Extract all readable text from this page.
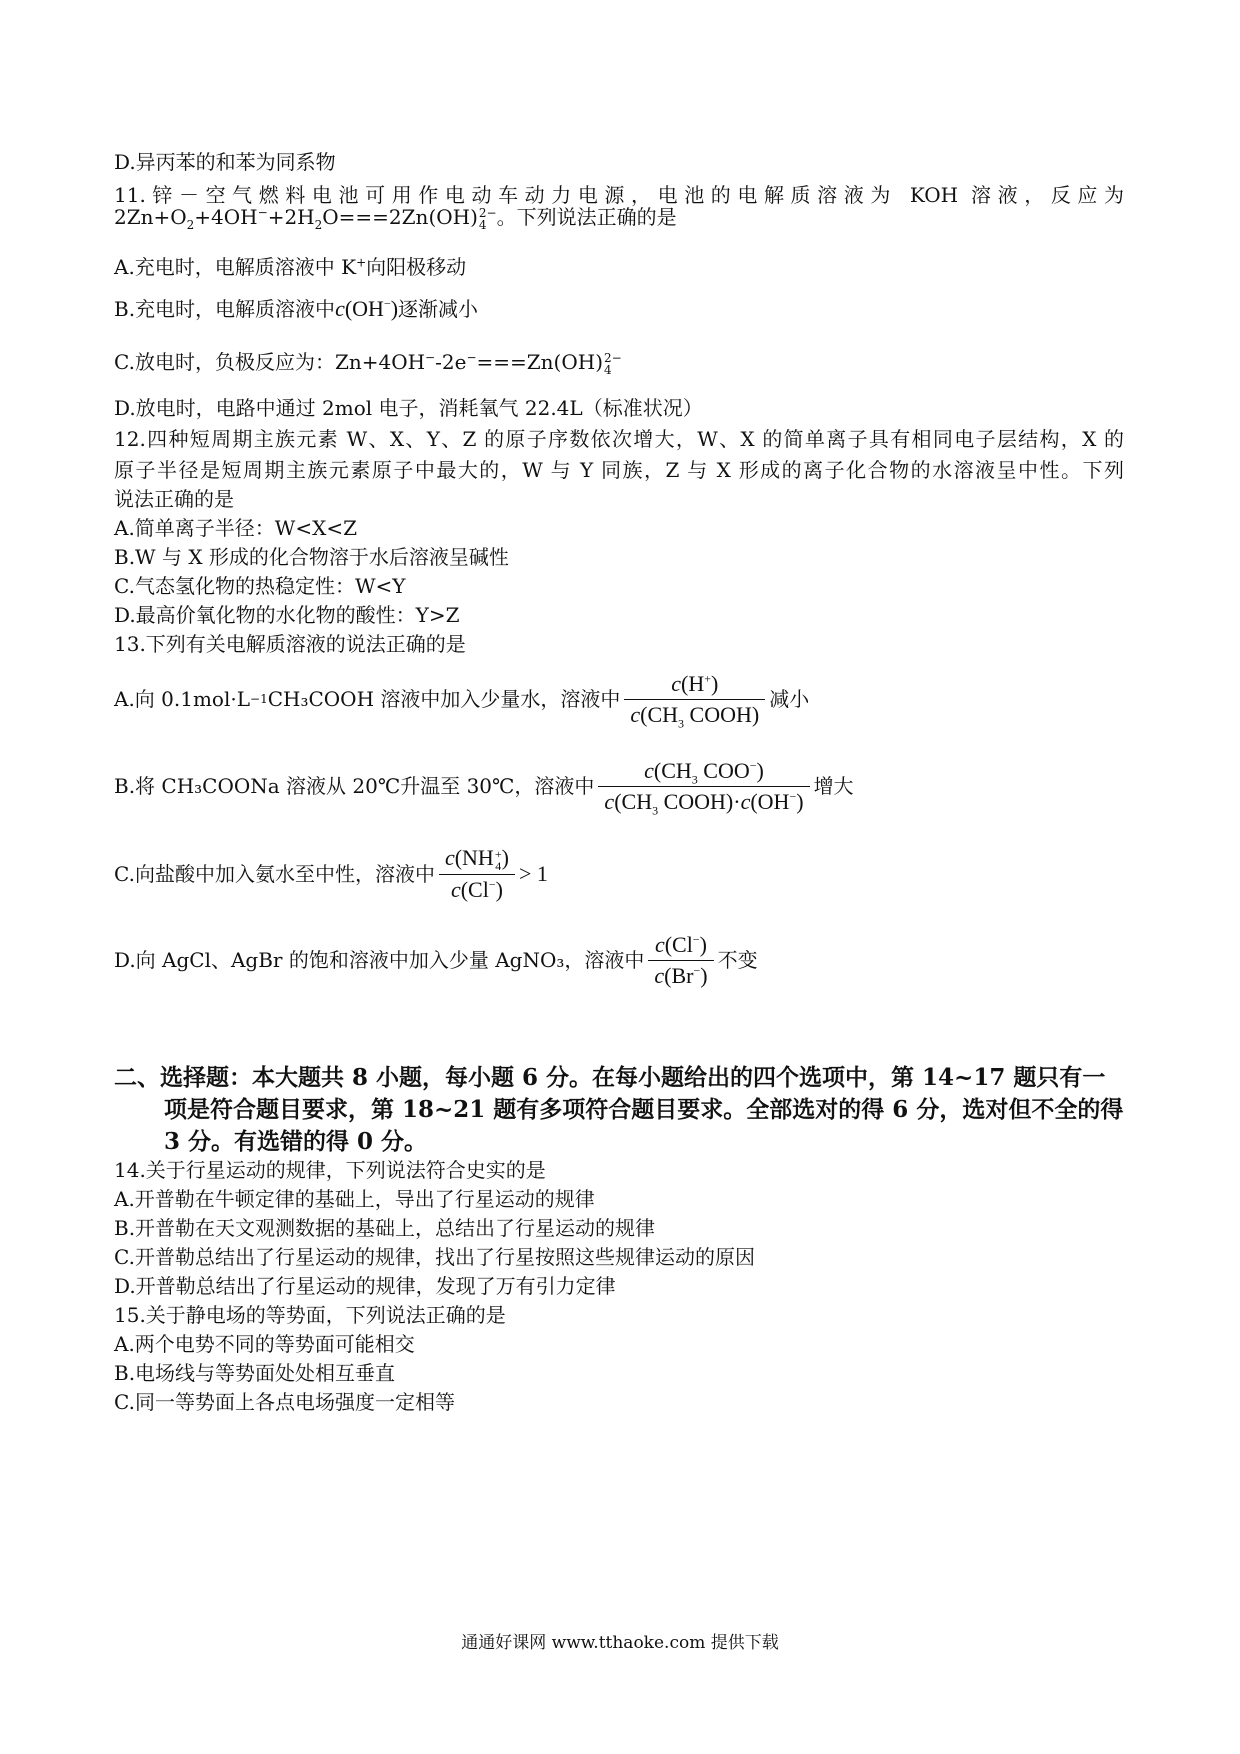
D.异丙苯的和苯为同系物
11.锌－空气燃料电池可用作电动车动力电源，电池的电解质溶液为 KOH 溶液，反应为
$2Zn+O_2+4OH^-+2H_2O===2Zn(OH)$ 2−
4 。下列说法正确的是
A.充电时，电解质溶液中 K+向阳极移动
B.充电时，电解质溶液中c(OH−)逐渐减小
C.放电时，负极反应为：Zn+4OH−-2e−===Zn(OH) 2−
4
D.放电时，电路中通过 2mol 电子，消耗氧气 22.4L（标准状况）
12.四种短周期主族元素 W、X、Y、Z 的原子序数依次增大，W、X 的简单离子具有相同电子层结构，X 的
原子半径是短周期主族元素原子中最大的，W 与 Y 同族，Z 与 X 形成的离子化合物的水溶液呈中性。下列
说法正确的是
A.简单离子半径：W<X<Z
B.W 与 X 形成的化合物溶于水后溶液呈碱性
C.气态氢化物的热稳定性：W<Y
D.最高价氧化物的水化物的酸性：Y>Z
13.下列有关电解质溶液的说法正确的是
A.向 0.1mol·L −1 CH₃COOH 溶液中加入少量水，溶液中 $\frac{c(H^+)}{c(CH_3 COOH)}$ 减小
B.将 CH₃COONa 溶液从 20℃升温至 30℃，溶液中 $\frac{c(CH_3 COO^-)}{c(CH_3 COOH)\cdot c(OH^-)}$ 增大
C.向盐酸中加入氨水至中性，溶液中 c(NH +
4 )
c(Cl−) > 1
D.向 AgCl、AgBr 的饱和溶液中加入少量 AgNO₃，溶液中 $\frac{c(Cl^-)}{c(Br^-)}$ 不变
二、选择题：本大题共 8 小题，每小题 6 分。在每小题给出的四个选项中，第 14~17 题只有一
项是符合题目要求，第 18~21 题有多项符合题目要求。全部选对的得 6 分，选对但不全的得 3 分。有选错的得 0 分。
14.关于行星运动的规律，下列说法符合史实的是
A.开普勒在牛顿定律的基础上，导出了行星运动的规律
B.开普勒在天文观测数据的基础上，总结出了行星运动的规律
C.开普勒总结出了行星运动的规律，找出了行星按照这些规律运动的原因
D.开普勒总结出了行星运动的规律，发现了万有引力定律
15.关于静电场的等势面，下列说法正确的是
A.两个电势不同的等势面可能相交
B.电场线与等势面处处相互垂直
C.同一等势面上各点电场强度一定相等
通通好课网 www.tthaoke.com 提供下载
